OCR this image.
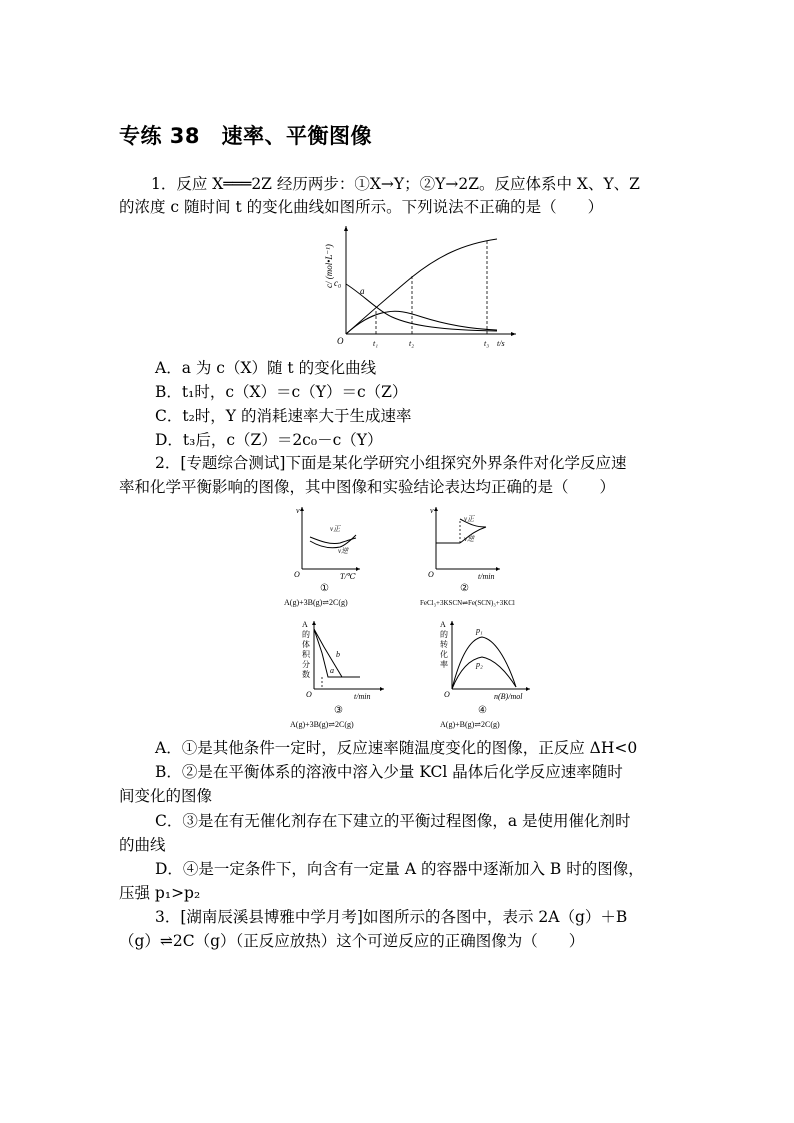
专练 38　速率、平衡图像
1．反应 X═══2Z 经历两步：①X→Y；②Y→2Z。反应体系中 X、Y、Z
的浓度 c 随时间 t 的变化曲线如图所示。下列说法不正确的是（　　）
c/ (mol•L⁻¹) c₀
a
O	t₁	t₂	t₃ t/s
A．a 为 c（X）随 t 的变化曲线
B．t₁时，c（X）＝c（Y）＝c（Z）
C．t₂时，Y 的消耗速率大于生成速率
D．t₃后，c（Z）＝2c₀－c（Y）
2．[专题综合测试]下面是某化学研究小组探究外界条件对化学反应速
率和化学平衡影响的图像，其中图像和实验结论表达均正确的是（　　）
v
v正
v逆
O	T/℃
①
A(g)+3B(g)⇌2C(g)
v
v正
v逆
O	t/min
②
FeCl₃+3KSCN⇌Fe(SCN)₃+3KCl
A
的
体
积
分
数	a
b
O	t/min
③
A(g)+3B(g)⇌2C(g)
A
的
转
化
率
p₁
p₂
O	n(B)/mol
④
A(g)+B(g)⇌2C(g)
A．①是其他条件一定时，反应速率随温度变化的图像，正反应 ΔH<0
B．②是在平衡体系的溶液中溶入少量 KCl 晶体后化学反应速率随时
间变化的图像
C．③是在有无催化剂存在下建立的平衡过程图像，a 是使用催化剂时
的曲线
D．④是一定条件下，向含有一定量 A 的容器中逐渐加入 B 时的图像，
压强 p₁>p₂
3．[湖南辰溪县博雅中学月考]如图所示的各图中，表示 2A（g）＋B
（g）⇌2C（g）（正反应放热）这个可逆反应的正确图像为（　　）
